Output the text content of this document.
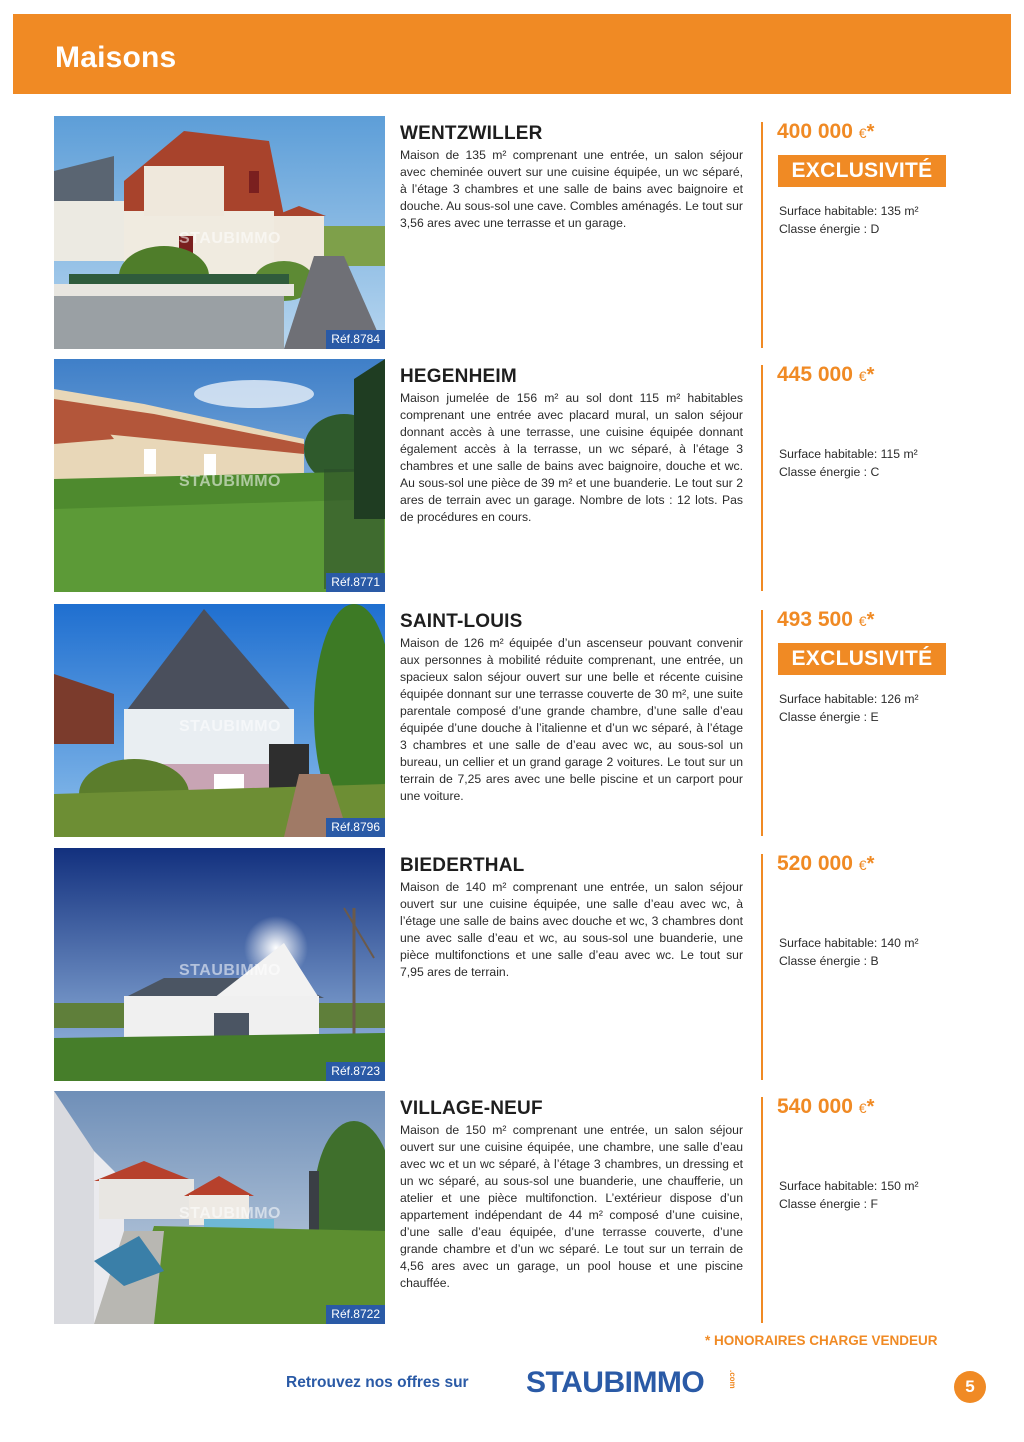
Maisons
STAUBIMMO
Réf.8784
WENTZWILLER
Maison de 135 m² comprenant une entrée, un salon séjour avec cheminée ouvert sur une cuisine équipée, un wc séparé, à l’étage 3 chambres et une salle de bains avec baignoire et douche. Au sous-sol une cave. Combles aménagés. Le tout sur 3,56 ares avec une terrasse et un garage.
400 000 €*
EXCLUSIVITÉ
Surface habitable: 135 m²
Classe énergie : D
STAUBIMMO
Réf.8771
HEGENHEIM
Maison jumelée de 156 m² au sol dont 115 m² habitables comprenant une entrée avec placard mural, un salon séjour donnant accès à une terrasse, une cuisine équipée donnant également accès à la terrasse, un wc séparé, à l’étage 3 chambres et une salle de bains avec baignoire, douche et wc. Au sous-sol une pièce de 39 m² et une buanderie. Le tout sur 2 ares de terrain avec un garage. Nombre de lots : 12 lots. Pas de procédures en cours.
445 000 €*
Surface habitable: 115 m²
Classe énergie : C
STAUBIMMO
Réf.8796
SAINT-LOUIS
Maison de 126 m² équipée d’un ascenseur pouvant convenir aux personnes à mobilité réduite comprenant, une entrée, un spacieux salon séjour ouvert sur une belle et récente cuisine équipée donnant sur une terrasse couverte de 30 m², une suite parentale composé d’une grande chambre, d’une salle d’eau équipée d’une douche à l’italienne et d’un wc séparé, à l’étage 3 chambres et une salle de d’eau avec wc, au sous-sol un bureau, un cellier et un grand garage 2 voitures. Le tout sur un terrain de 7,25 ares avec une belle piscine et un carport pour une voiture.
493 500 €*
EXCLUSIVITÉ
Surface habitable: 126 m²
Classe énergie : E
STAUBIMMO
Réf.8723
BIEDERTHAL
Maison de 140 m² comprenant une entrée, un salon séjour ouvert sur une cuisine équipée, une salle d’eau avec wc, à l’étage une salle de bains avec douche et wc, 3 chambres dont une avec salle d’eau et wc, au sous-sol une buanderie, une pièce multifonctions et une salle d’eau avec wc. Le tout sur 7,95 ares de terrain.
520 000 €*
Surface habitable: 140 m²
Classe énergie : B
STAUBIMMO
Réf.8722
VILLAGE-NEUF
Maison de 150 m² comprenant une entrée, un salon séjour ouvert sur une cuisine équipée, une chambre, une salle d’eau avec wc et un wc séparé, à l’étage 3 chambres, un dressing et un wc séparé, au sous-sol une buanderie, une chaufferie, un atelier et une pièce multifonction. L’extérieur dispose d’un appartement indépendant de 44 m² composé d’une cuisine, d’une salle d’eau équipée, d’une terrasse couverte, d’une grande chambre et d’un wc séparé. Le tout sur un terrain de 4,56 ares avec un garage, un pool house et une piscine chauffée.
540 000 €*
Surface habitable: 150 m²
Classe énergie : F
* HONORAIRES CHARGE VENDEUR
Retrouvez nos offres sur STAUBIMMO	.com	5
